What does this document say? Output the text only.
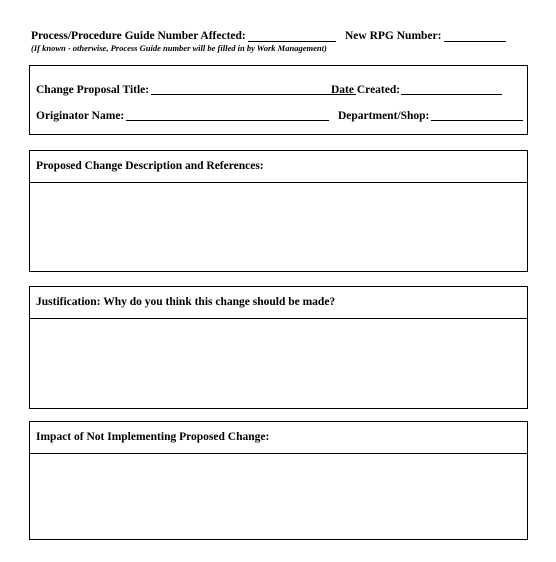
Process/Procedure Guide Number Affected:	New RPG Number:
(If known - otherwise, Process Guide number will be filled in by Work Management)
Change Proposal Title:	Date Created:
Originator Name:	Department/Shop:
Proposed Change Description and References:
Justification: Why do you think this change should be made?
Impact of Not Implementing Proposed Change:
